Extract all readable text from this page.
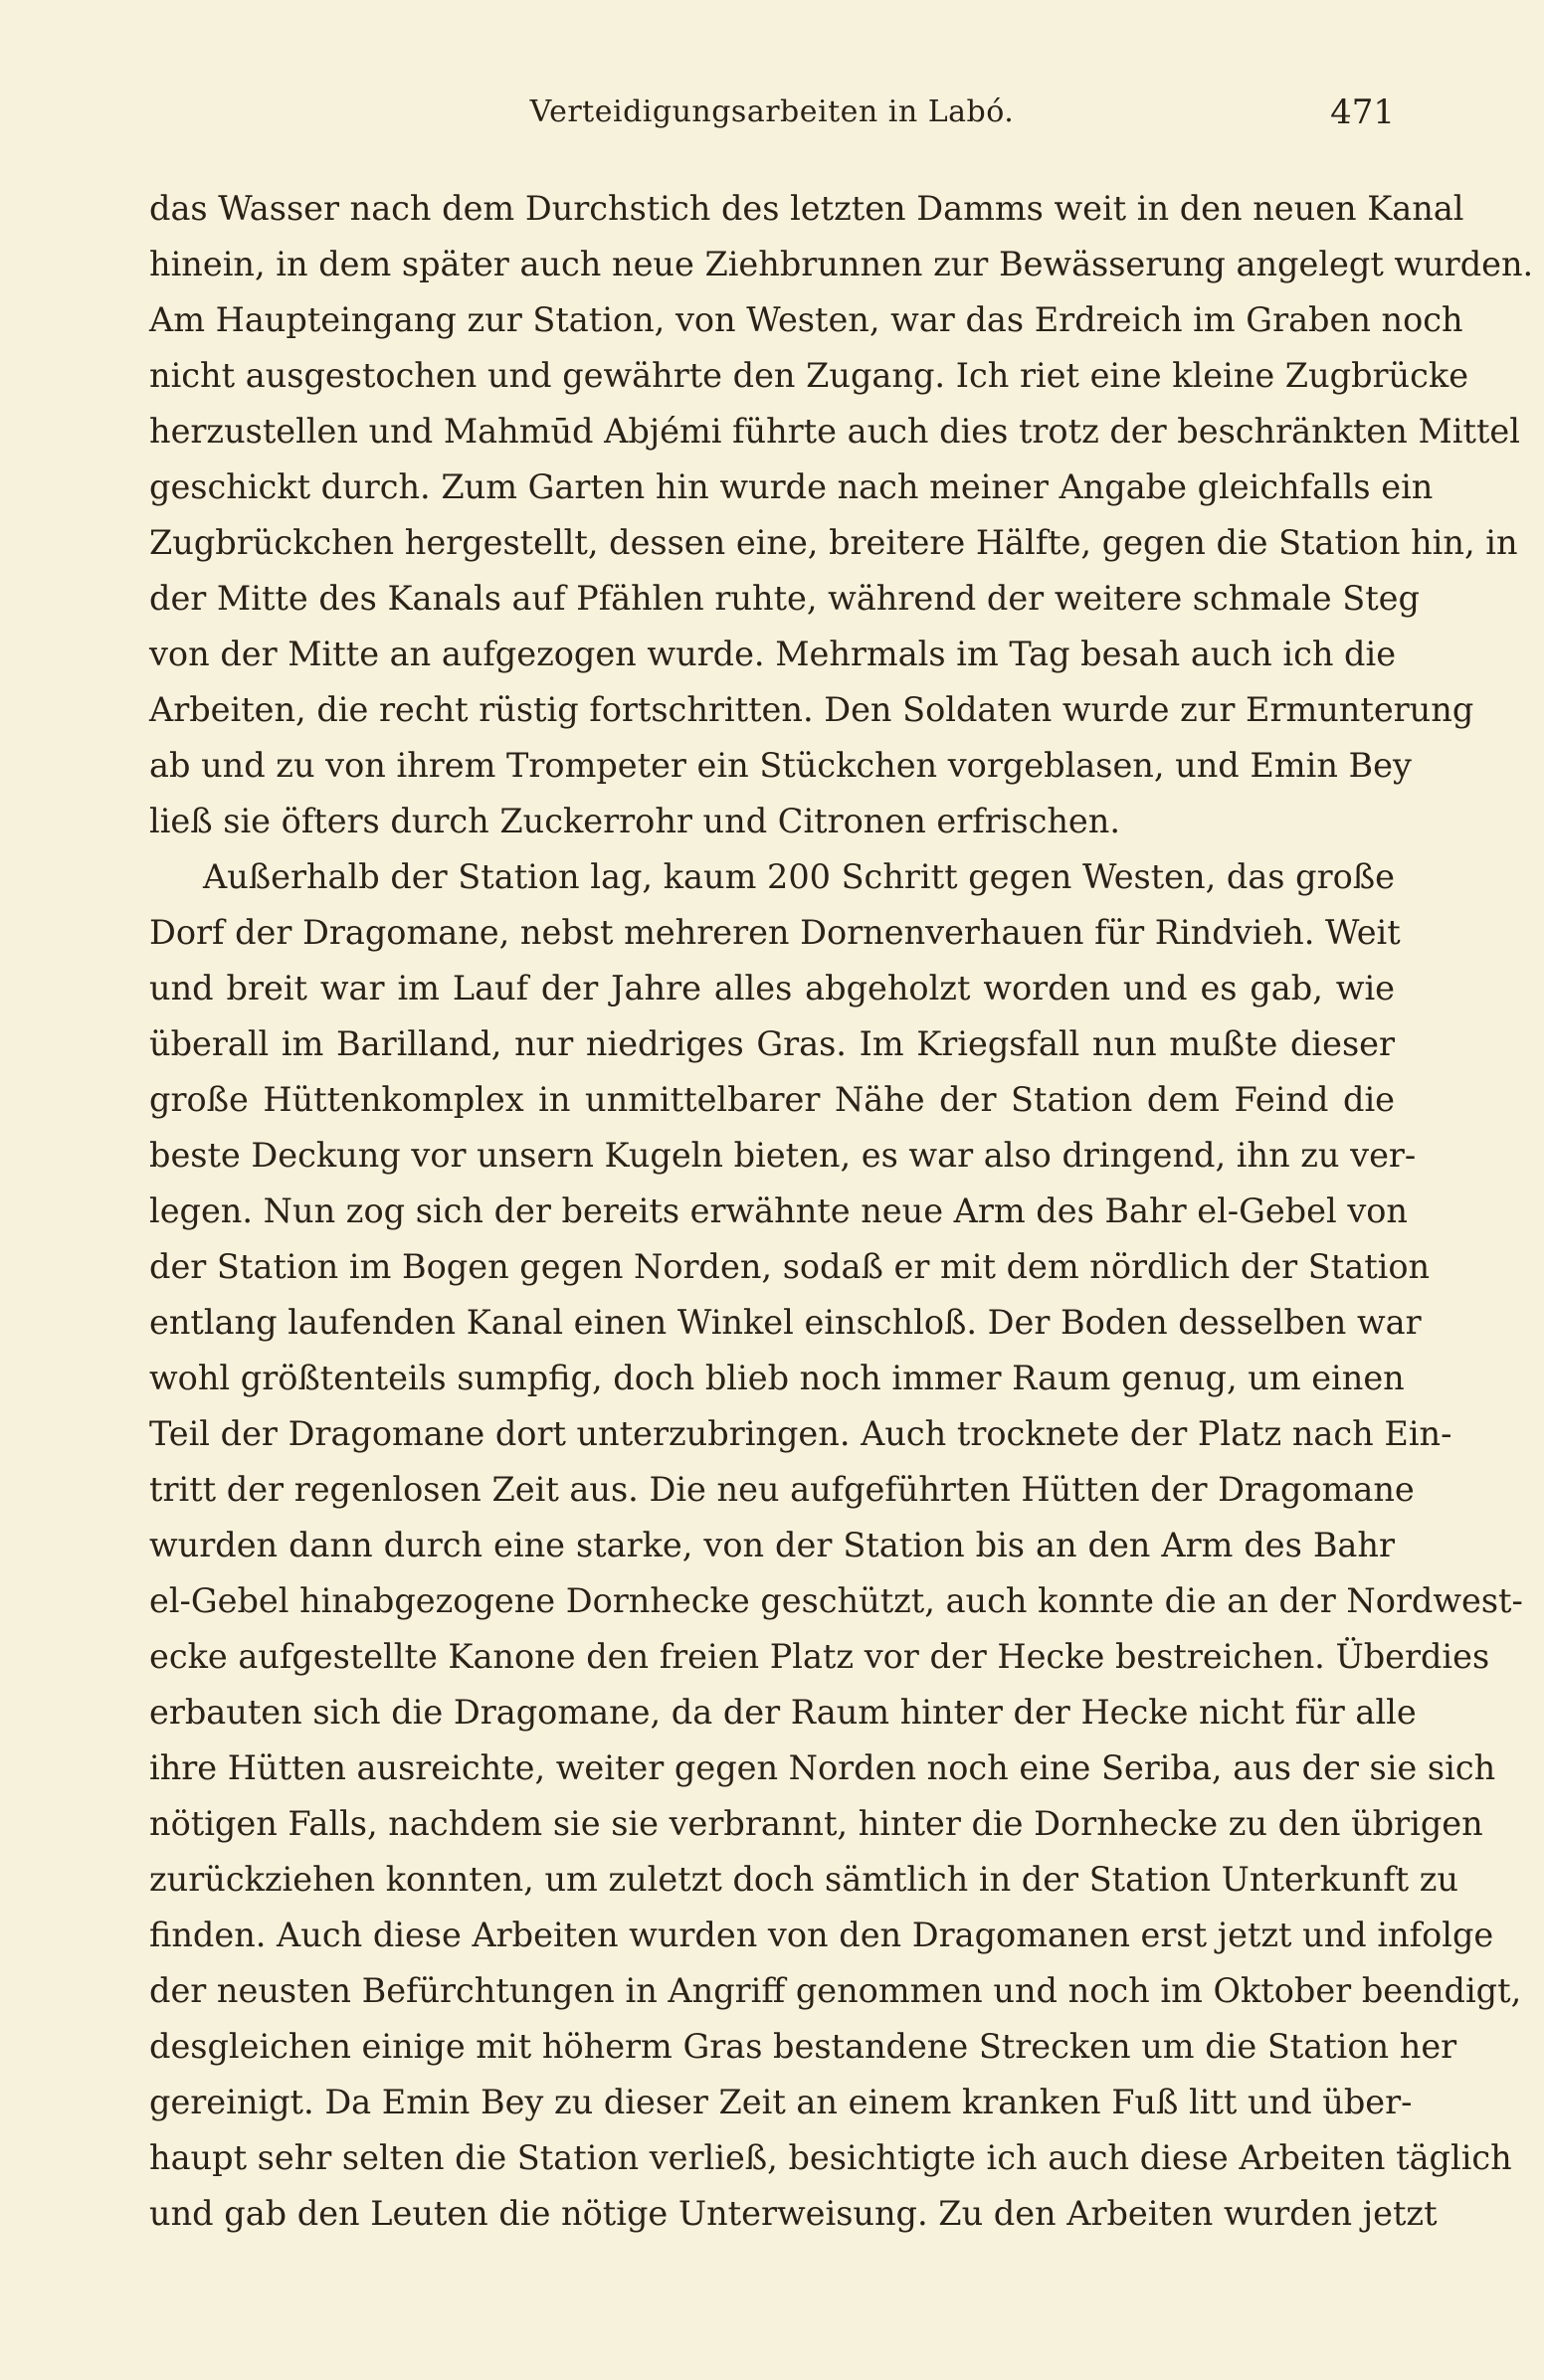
Verteidigungsarbeiten in Labó.	471
das Wasser nach dem Durchstich des letzten Damms weit in den neuen Kanal
hinein, in dem später auch neue Ziehbrunnen zur Bewässerung angelegt wurden.
Am Haupteingang zur Station, von Westen, war das Erdreich im Graben noch
nicht ausgestochen und gewährte den Zugang. Ich riet eine kleine Zugbrücke
herzustellen und Mahmūd Abjémi führte auch dies trotz der beschränkten Mittel
geschickt durch. Zum Garten hin wurde nach meiner Angabe gleichfalls ein
Zugbrückchen hergestellt, dessen eine, breitere Hälfte, gegen die Station hin, in
der Mitte des Kanals auf Pfählen ruhte, während der weitere schmale Steg
von der Mitte an aufgezogen wurde. Mehrmals im Tag besah auch ich die
Arbeiten, die recht rüstig fortschritten. Den Soldaten wurde zur Ermunterung
ab und zu von ihrem Trompeter ein Stückchen vorgeblasen, und Emin Bey
ließ sie öfters durch Zuckerrohr und Citronen erfrischen.
Außerhalb der Station lag, kaum 200 Schritt gegen Westen, das große
Dorf der Dragomane, nebst mehreren Dornenverhauen für Rindvieh. Weit
und breit war im Lauf der Jahre alles abgeholzt worden und es gab, wie
überall im Barilland, nur niedriges Gras. Im Kriegsfall nun mußte dieser
große Hüttenkomplex in unmittelbarer Nähe der Station dem Feind die
beste Deckung vor unsern Kugeln bieten, es war also dringend, ihn zu ver-
legen. Nun zog sich der bereits erwähnte neue Arm des Bahr el-Gebel von
der Station im Bogen gegen Norden, sodaß er mit dem nördlich der Station
entlang laufenden Kanal einen Winkel einschloß. Der Boden desselben war
wohl größtenteils sumpfig, doch blieb noch immer Raum genug, um einen
Teil der Dragomane dort unterzubringen. Auch trocknete der Platz nach Ein-
tritt der regenlosen Zeit aus. Die neu aufgeführten Hütten der Dragomane
wurden dann durch eine starke, von der Station bis an den Arm des Bahr
el-Gebel hinabgezogene Dornhecke geschützt, auch konnte die an der Nordwest-
ecke aufgestellte Kanone den freien Platz vor der Hecke bestreichen. Überdies
erbauten sich die Dragomane, da der Raum hinter der Hecke nicht für alle
ihre Hütten ausreichte, weiter gegen Norden noch eine Seriba, aus der sie sich
nötigen Falls, nachdem sie sie verbrannt, hinter die Dornhecke zu den übrigen
zurückziehen konnten, um zuletzt doch sämtlich in der Station Unterkunft zu
finden. Auch diese Arbeiten wurden von den Dragomanen erst jetzt und infolge
der neusten Befürchtungen in Angriff genommen und noch im Oktober beendigt,
desgleichen einige mit höherm Gras bestandene Strecken um die Station her
gereinigt. Da Emin Bey zu dieser Zeit an einem kranken Fuß litt und über-
haupt sehr selten die Station verließ, besichtigte ich auch diese Arbeiten täglich
und gab den Leuten die nötige Unterweisung. Zu den Arbeiten wurden jetzt
